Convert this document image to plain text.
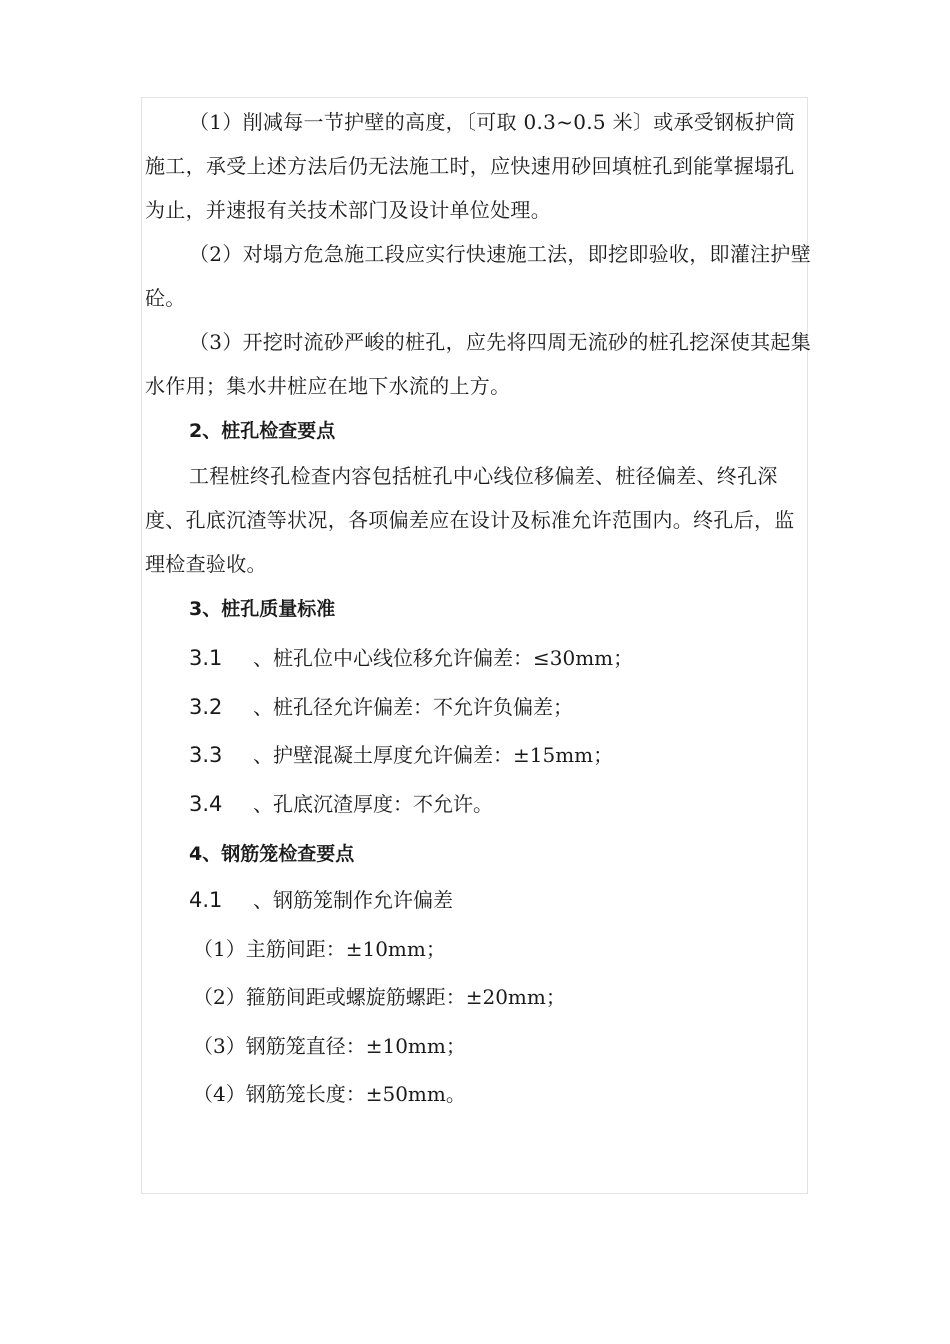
（1）削减每一节护壁的高度，〔可取 0.3~0.5 米〕或承受钢板护筒施工，承受上述方法后仍无法施工时，应快速用砂回填桩孔到能掌握塌孔为止，并速报有关技术部门及设计单位处理。

（2）对塌方危急施工段应实行快速施工法，即挖即验收，即灌注护壁砼。

（3）开挖时流砂严峻的桩孔，应先将四周无流砂的桩孔挖深使其起集水作用；集水井桩应在地下水流的上方。

2、桩孔检查要点

工程桩终孔检查内容包括桩孔中心线位移偏差、桩径偏差、终孔深度、孔底沉渣等状况，各项偏差应在设计及标准允许范围内。终孔后，监理检查验收。

3、桩孔质量标准

3.1 、桩孔位中心线位移允许偏差：≤30mm；

3.2 、桩孔径允许偏差：不允许负偏差；

3.3 、护壁混凝土厚度允许偏差：±15mm；

3.4 、孔底沉渣厚度：不允许。

4、钢筋笼检查要点

4.1 、钢筋笼制作允许偏差

（1）主筋间距：±10mm；

（2）箍筋间距或螺旋筋螺距：±20mm；

（3）钢筋笼直径：±10mm；

（4）钢筋笼长度：±50mm。
